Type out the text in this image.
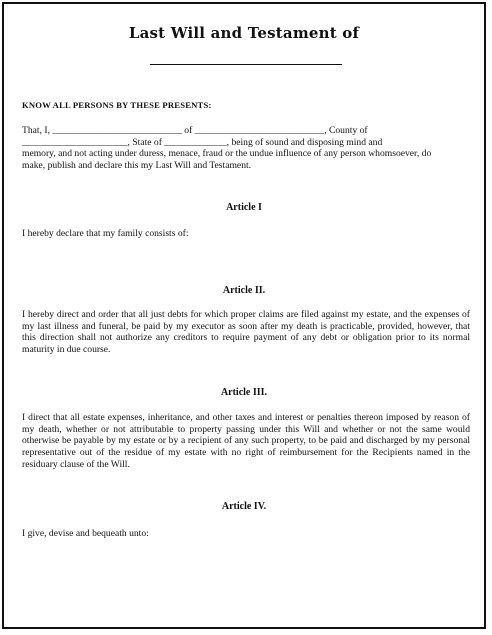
Last Will and Testament of
KNOW ALL PERSONS BY THESE PRESENTS:
That, I, ___________________________ of ___________________________, County of
______________________, State of _____________, being of sound and disposing mind and
memory, and not acting under duress, menace, fraud or the undue influence of any person whomsoever, do
make, publish and declare this my Last Will and Testament.
Article I
I hereby declare that my family consists of:
Article II.
I hereby direct and order that all just debts for which proper claims are filed against my estate, and the expenses of my last illness and funeral, be paid by my executor as soon after my death is practicable, provided, however, that this direction shall not authorize any creditors to require payment of any debt or obligation prior to its normal maturity in due course.
Article III.
I direct that all estate expenses, inheritance, and other taxes and interest or penalties thereon imposed by reason of my death, whether or not attributable to property passing under this Will and whether or not the same would otherwise be payable by my estate or by a recipient of any such property, to be paid and discharged by my personal representative out of the residue of my estate with no right of reimbursement for the Recipients named in the residuary clause of the Will.
Article IV.
I give, devise and bequeath unto:
